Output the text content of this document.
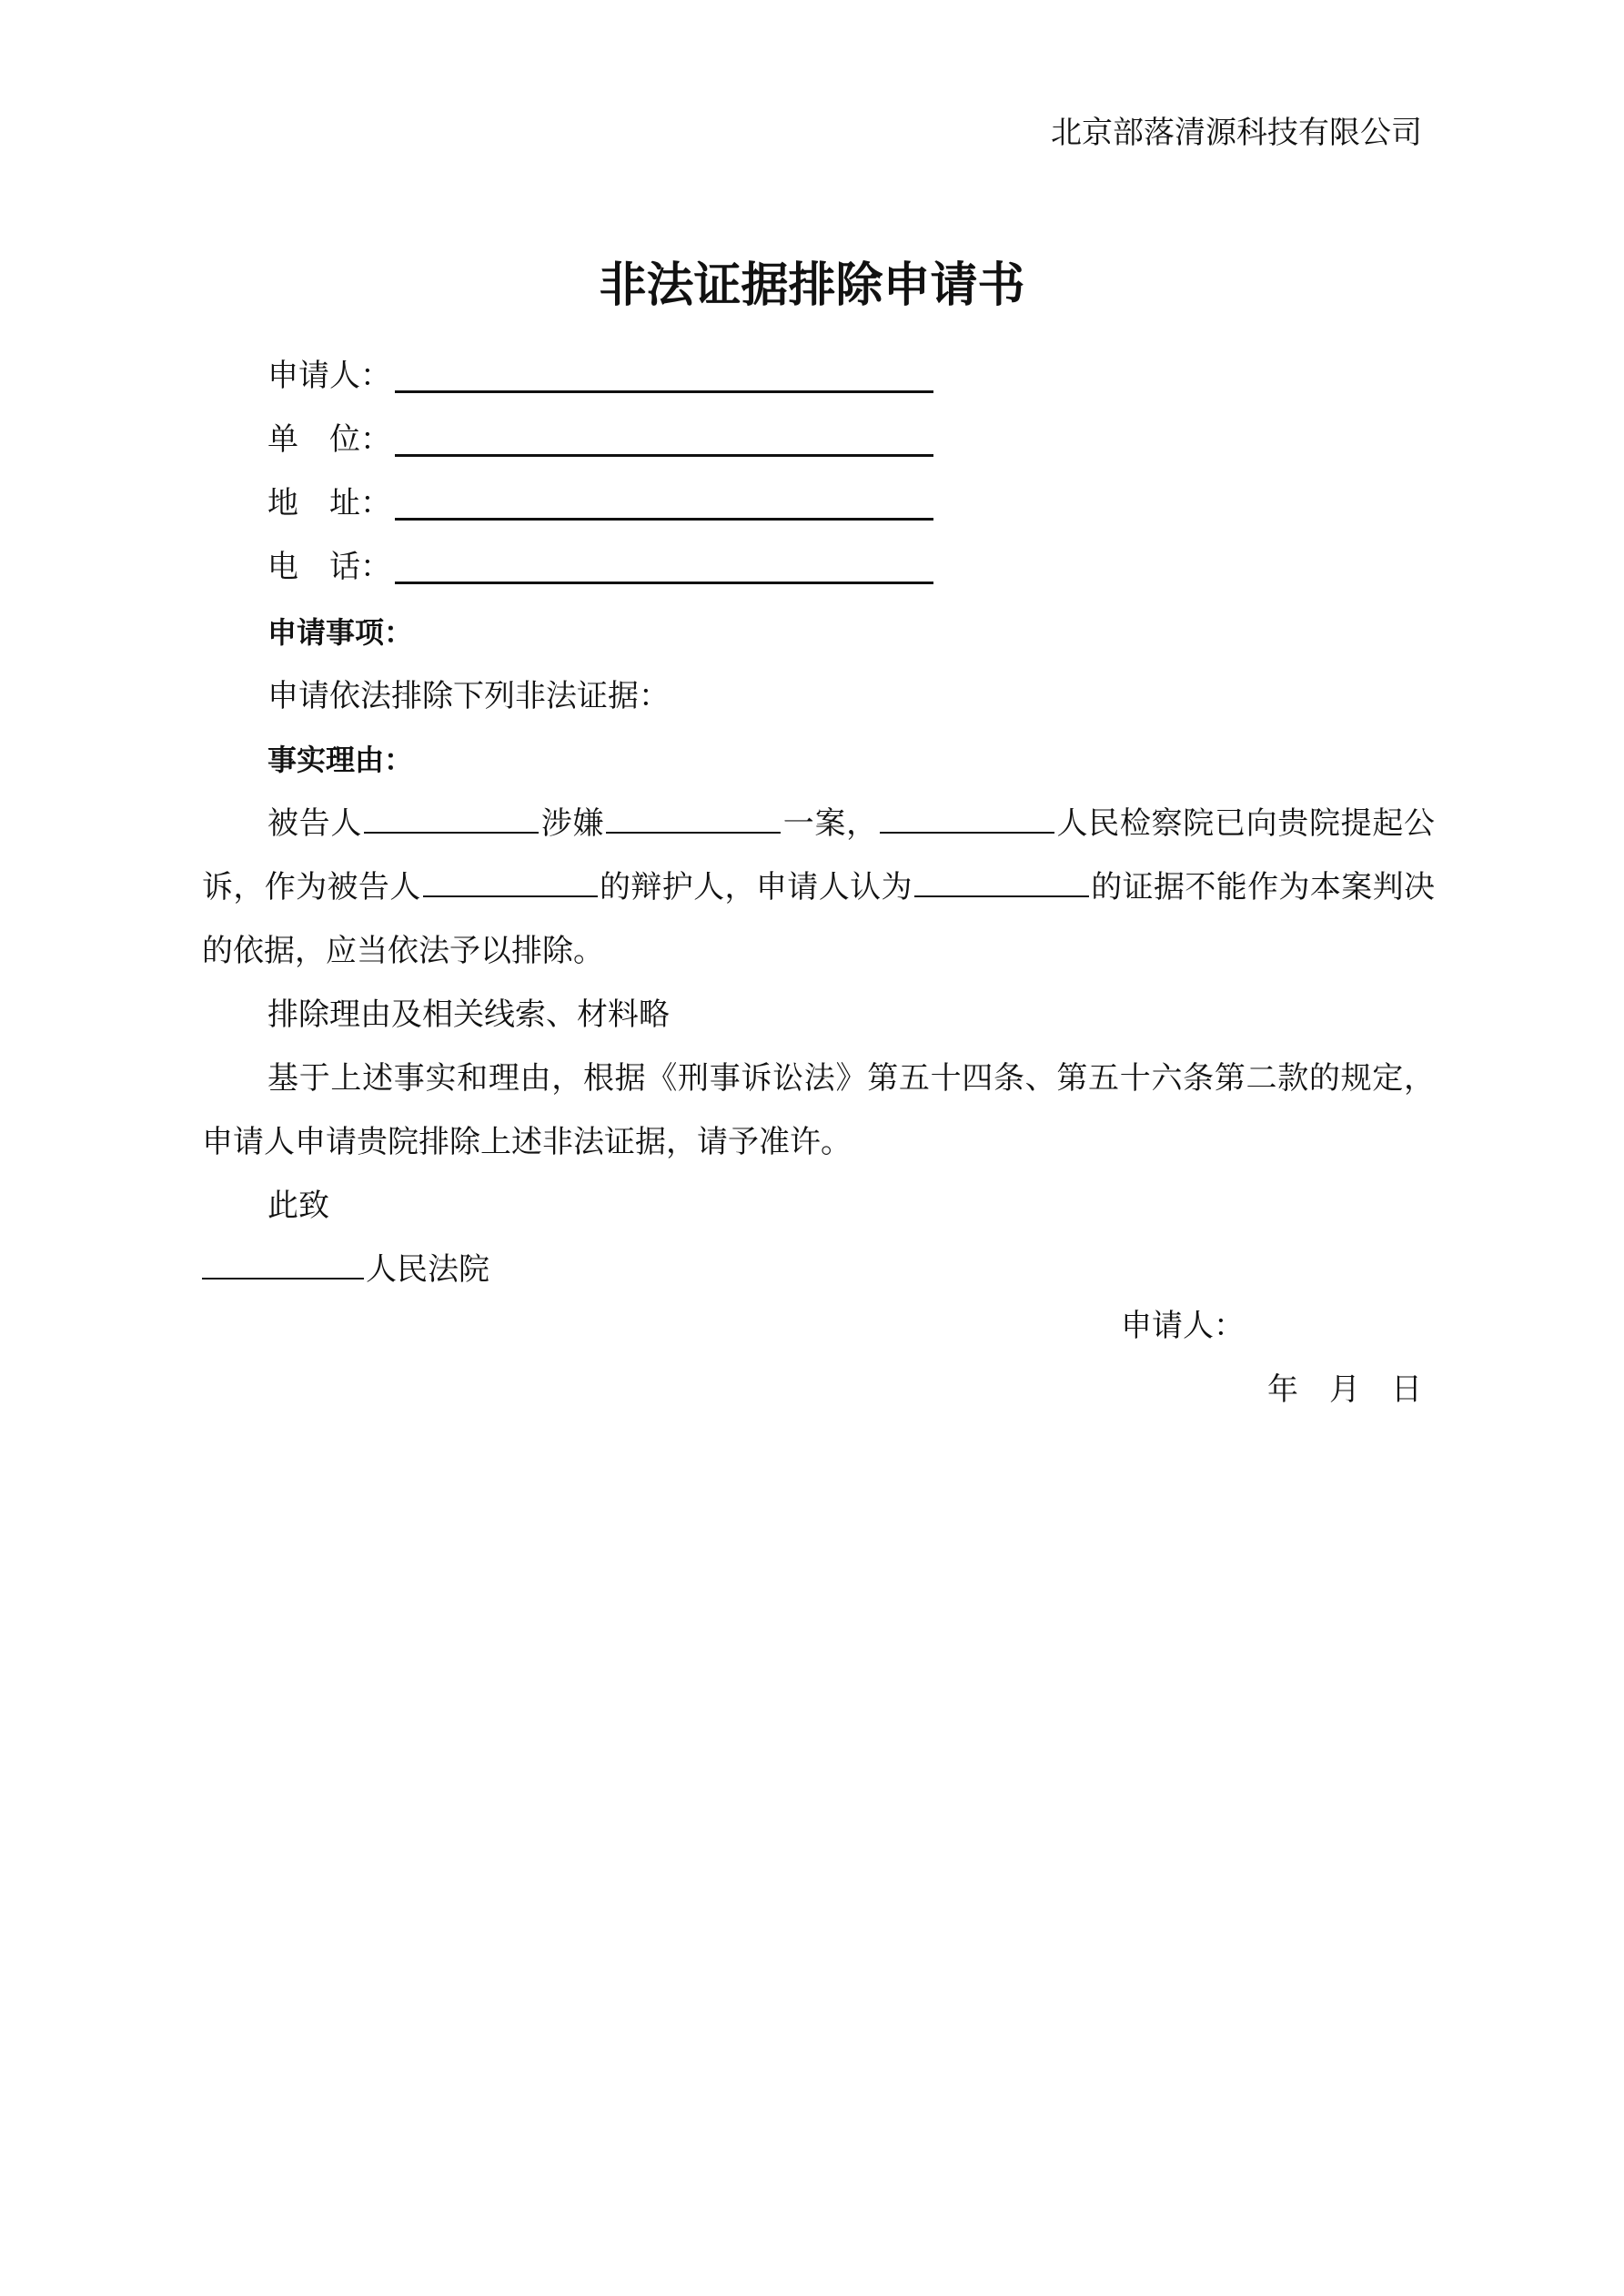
北京部落清源科技有限公司
非法证据排除申请书
申请人：
单　位：
地　址：
电　话：
申请事项：
申请依法排除下列非法证据：
事实理由：
被告人	涉嫌	一案，	人民检察院已向贵院提起公诉，作为被告人	的辩护人，申请人认为	的证据不能作为本案判决的依据，应当依法予以排除。
排除理由及相关线索、材料略
基于上述事实和理由，根据《刑事诉讼法》第五十四条、第五十六条第二款的规定，申请人申请贵院排除上述非法证据，请予准许。
此致
人民法院
申请人：
年　月　日
